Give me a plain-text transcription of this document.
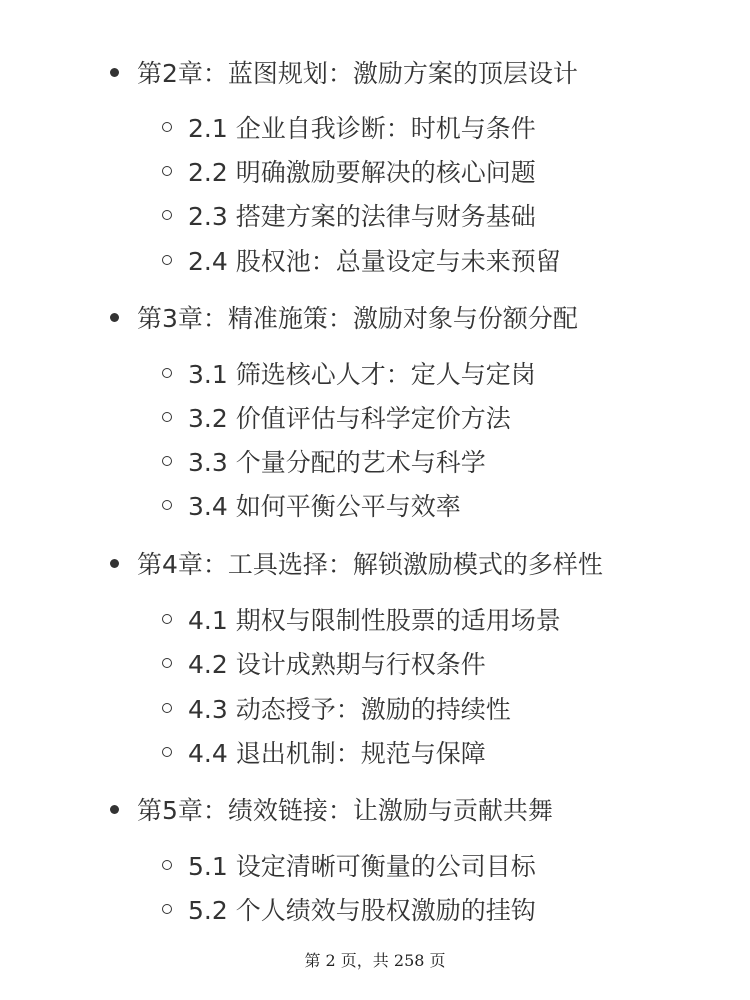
第2章：蓝图规划：激励方案的顶层设计
2.1 企业自我诊断：时机与条件
2.2 明确激励要解决的核心问题
2.3 搭建方案的法律与财务基础
2.4 股权池：总量设定与未来预留
第3章：精准施策：激励对象与份额分配
3.1 筛选核心人才：定人与定岗
3.2 价值评估与科学定价方法
3.3 个量分配的艺术与科学
3.4 如何平衡公平与效率
第4章：工具选择：解锁激励模式的多样性
4.1 期权与限制性股票的适用场景
4.2 设计成熟期与行权条件
4.3 动态授予：激励的持续性
4.4 退出机制：规范与保障
第5章：绩效链接：让激励与贡献共舞
5.1 设定清晰可衡量的公司目标
5.2 个人绩效与股权激励的挂钩
第 2 页，共 258 页
